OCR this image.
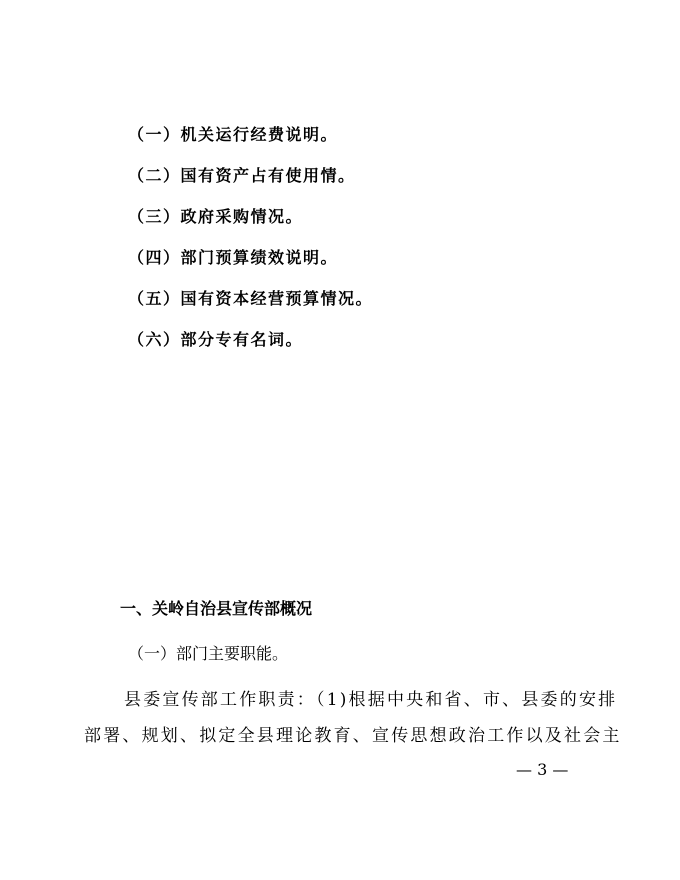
（一）机关运行经费说明。
（二）国有资产占有使用情。
（三）政府采购情况。
（四）部门预算绩效说明。
（五）国有资本经营预算情况。
（六）部分专有名词。
一、关岭自治县宣传部概况
（一）部门主要职能。
县委宣传部工作职责：（1)根据中央和省、市、县委的安排
部署、规划、拟定全县理论教育、宣传思想政治工作以及社会主
— 3 —
